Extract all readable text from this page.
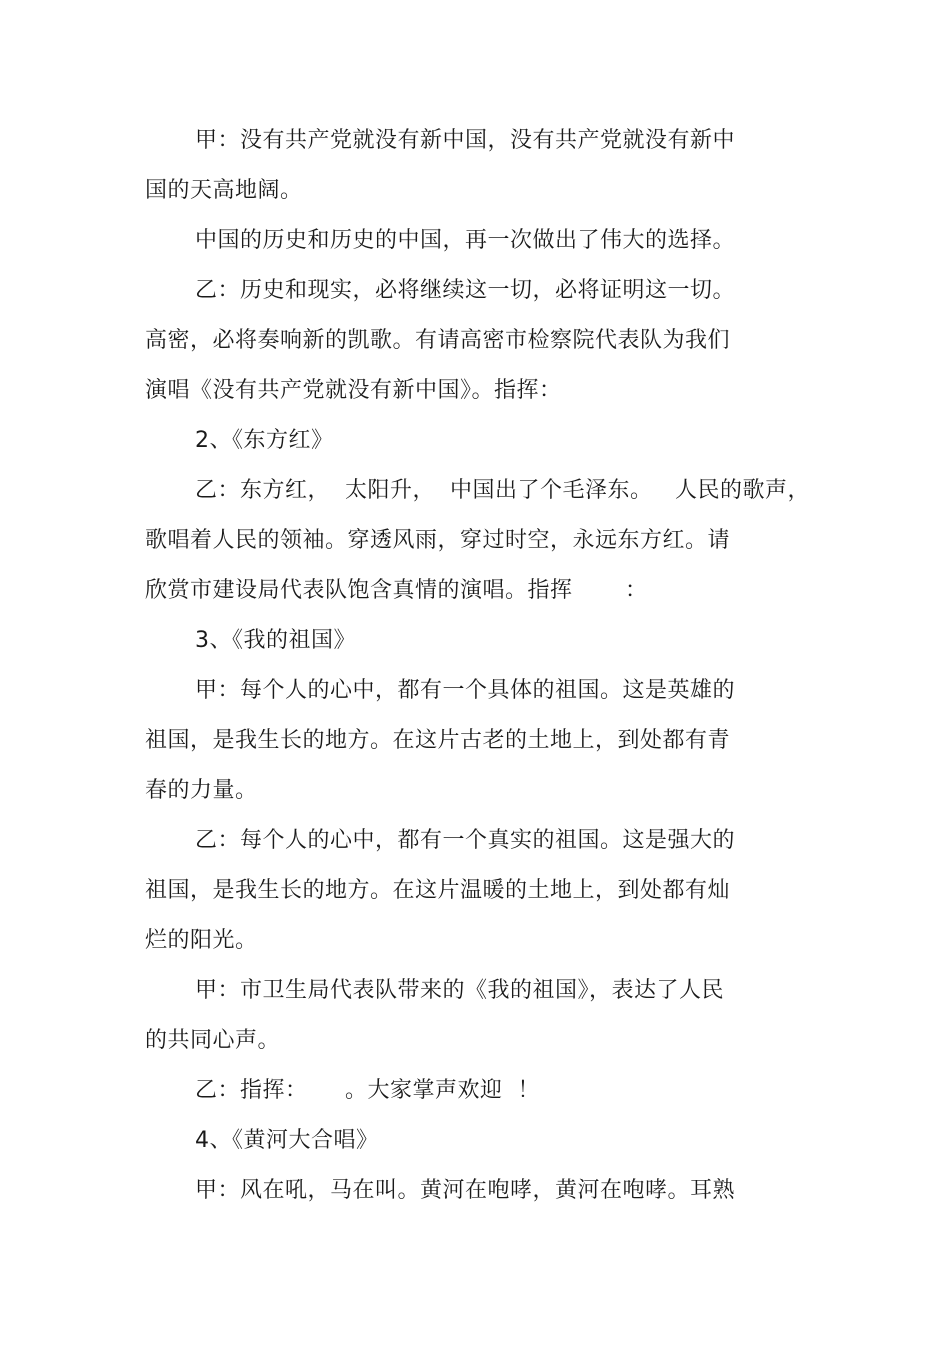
甲：没有共产党就没有新中国，没有共产党就没有新中
国的天高地阔。
中国的历史和历史的中国，再一次做出了伟大的选择。
乙：历史和现实，必将继续这一切，必将证明这一切。
高密，必将奏响新的凯歌。有请高密市检察院代表队为我们
演唱《没有共产党就没有新中国》。指挥：
2、《东方红》
乙：东方红，  太阳升，  中国出了个毛泽东。   人民的歌声，
歌唱着人民的领袖。穿透风雨，穿过时空，永远东方红。请
欣赏市建设局代表队饱含真情的演唱。指挥       ：
3、《我的祖国》
甲：每个人的心中，都有一个具体的祖国。这是英雄的
祖国，是我生长的地方。在这片古老的土地上，到处都有青
春的力量。
乙：每个人的心中，都有一个真实的祖国。这是强大的
祖国，是我生长的地方。在这片温暖的土地上，到处都有灿
烂的阳光。
甲：市卫生局代表队带来的《我的祖国》，表达了人民
的共同心声。
乙：指挥：     。大家掌声欢迎  ！
4、《黄河大合唱》
甲：风在吼，马在叫。黄河在咆哮，黄河在咆哮。耳熟
